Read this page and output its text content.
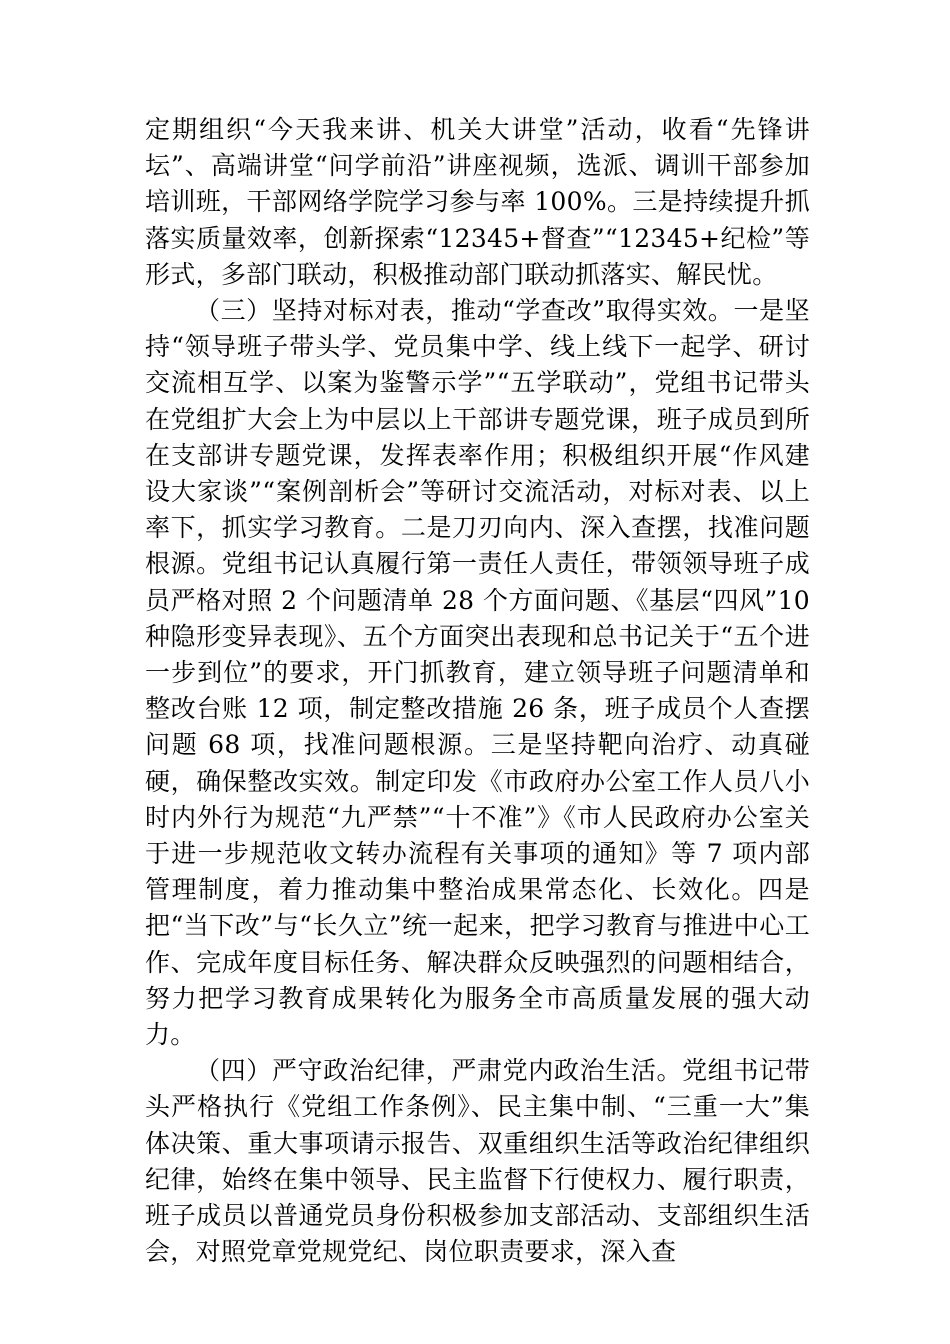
定期组织“今天我来讲、机关大讲堂”活动，收看“先锋讲坛”、高端讲堂“问学前沿”讲座视频，选派、调训干部参加培训班，干部网络学院学习参与率 100%。三是持续提升抓落实质量效率，创新探索“12345+督查”“12345+纪检”等形式，多部门联动，积极推动部门联动抓落实、解民忧。

（三）坚持对标对表，推动“学查改”取得实效。一是坚持“领导班子带头学、党员集中学、线上线下一起学、研讨交流相互学、以案为鉴警示学”“五学联动”，党组书记带头在党组扩大会上为中层以上干部讲专题党课，班子成员到所在支部讲专题党课，发挥表率作用；积极组织开展“作风建设大家谈”“案例剖析会”等研讨交流活动，对标对表、以上率下，抓实学习教育。二是刀刃向内、深入查摆，找准问题根源。党组书记认真履行第一责任人责任，带领领导班子成员严格对照 2 个问题清单 28 个方面问题、《基层“四风”10 种隐形变异表现》、五个方面突出表现和总书记关于“五个进一步到位”的要求，开门抓教育，建立领导班子问题清单和整改台账 12 项，制定整改措施 26 条，班子成员个人查摆问题 68 项，找准问题根源。三是坚持靶向治疗、动真碰硬，确保整改实效。制定印发《市政府办公室工作人员八小时内外行为规范“九严禁”“十不准”》《市人民政府办公室关于进一步规范收文转办流程有关事项的通知》等 7 项内部管理制度，着力推动集中整治成果常态化、长效化。四是把“当下改”与“长久立”统一起来，把学习教育与推进中心工作、完成年度目标任务、解决群众反映强烈的问题相结合，努力把学习教育成果转化为服务全市高质量发展的强大动力。

（四）严守政治纪律，严肃党内政治生活。党组书记带头严格执行《党组工作条例》、民主集中制、“三重一大”集体决策、重大事项请示报告、双重组织生活等政治纪律组织纪律，始终在集中领导、民主监督下行使权力、履行职责，班子成员以普通党员身份积极参加支部活动、支部组织生活会，对照党章党规党纪、岗位职责要求，深入查
